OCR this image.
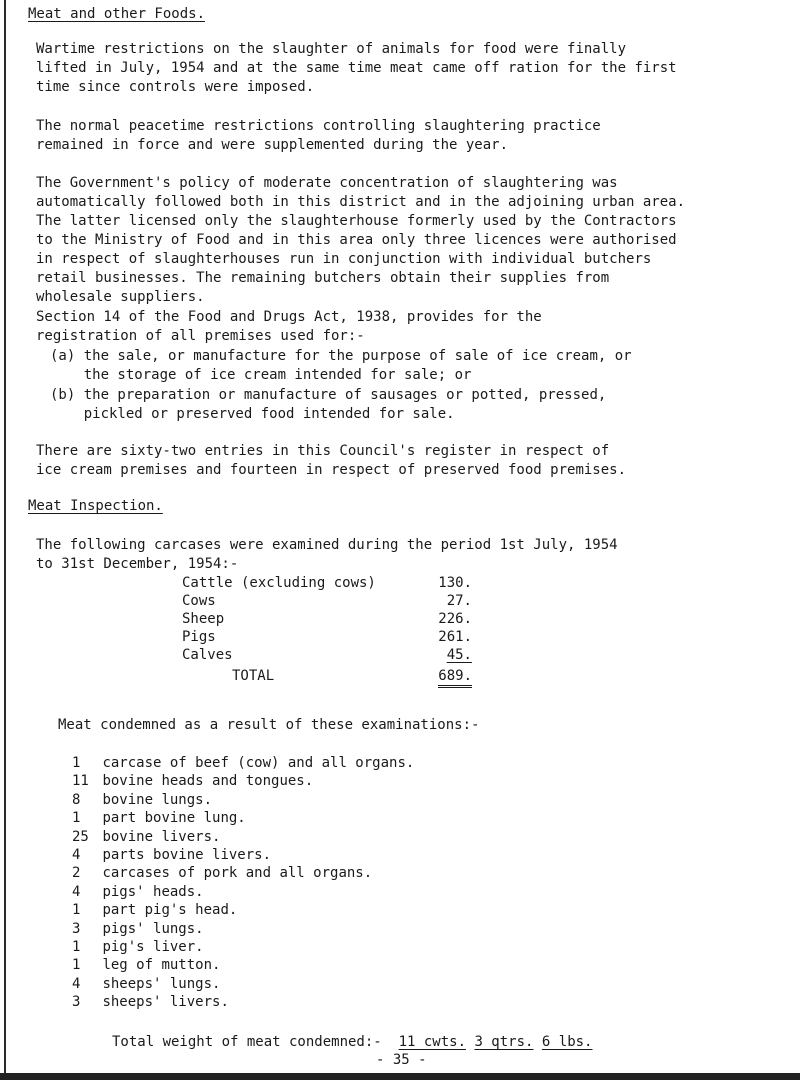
Meat and other Foods.
Wartime restrictions on the slaughter of animals for food were finally
lifted in July, 1954 and at the same time meat came off ration for the first
time since controls were imposed.
The normal peacetime restrictions controlling slaughtering practice
remained in force and were supplemented during the year.
The Government's policy of moderate concentration of slaughtering was
automatically followed both in this district and in the adjoining urban area.
The latter licensed only the slaughterhouse formerly used by the Contractors
to the Ministry of Food and in this area only three licences were authorised
in respect of slaughterhouses run in conjunction with individual butchers
retail businesses. The remaining butchers obtain their supplies from
wholesale suppliers.
Section 14 of the Food and Drugs Act, 1938, provides for the
registration of all premises used for:-
(a) the sale, or manufacture for the purpose of sale of ice cream, or
the storage of ice cream intended for sale; or
(b) the preparation or manufacture of sausages or potted, pressed,
pickled or preserved food intended for sale.
There are sixty-two entries in this Council's register in respect of
ice cream premises and fourteen in respect of preserved food premises.
Meat Inspection.
The following carcases were examined during the period 1st July, 1954
to 31st December, 1954:-
Cattle (excluding cows)	130.
Cows	27.
Sheep	226.
Pigs	261.
Calves	45.
TOTAL	689.
Meat condemned as a result of these examinations:-
1 carcase of beef (cow) and all organs.
11 bovine heads and tongues.
8 bovine lungs.
1 part bovine lung.
25 bovine livers.
4 parts bovine livers.
2 carcases of pork and all organs.
4 pigs' heads.
1 part pig's head.
3 pigs' lungs.
1 pig's liver.
1 leg of mutton.
4 sheeps' lungs.
3 sheeps' livers.
Total weight of meat condemned:- 11 cwts. 3 qtrs. 6 lbs.
- 35 -
